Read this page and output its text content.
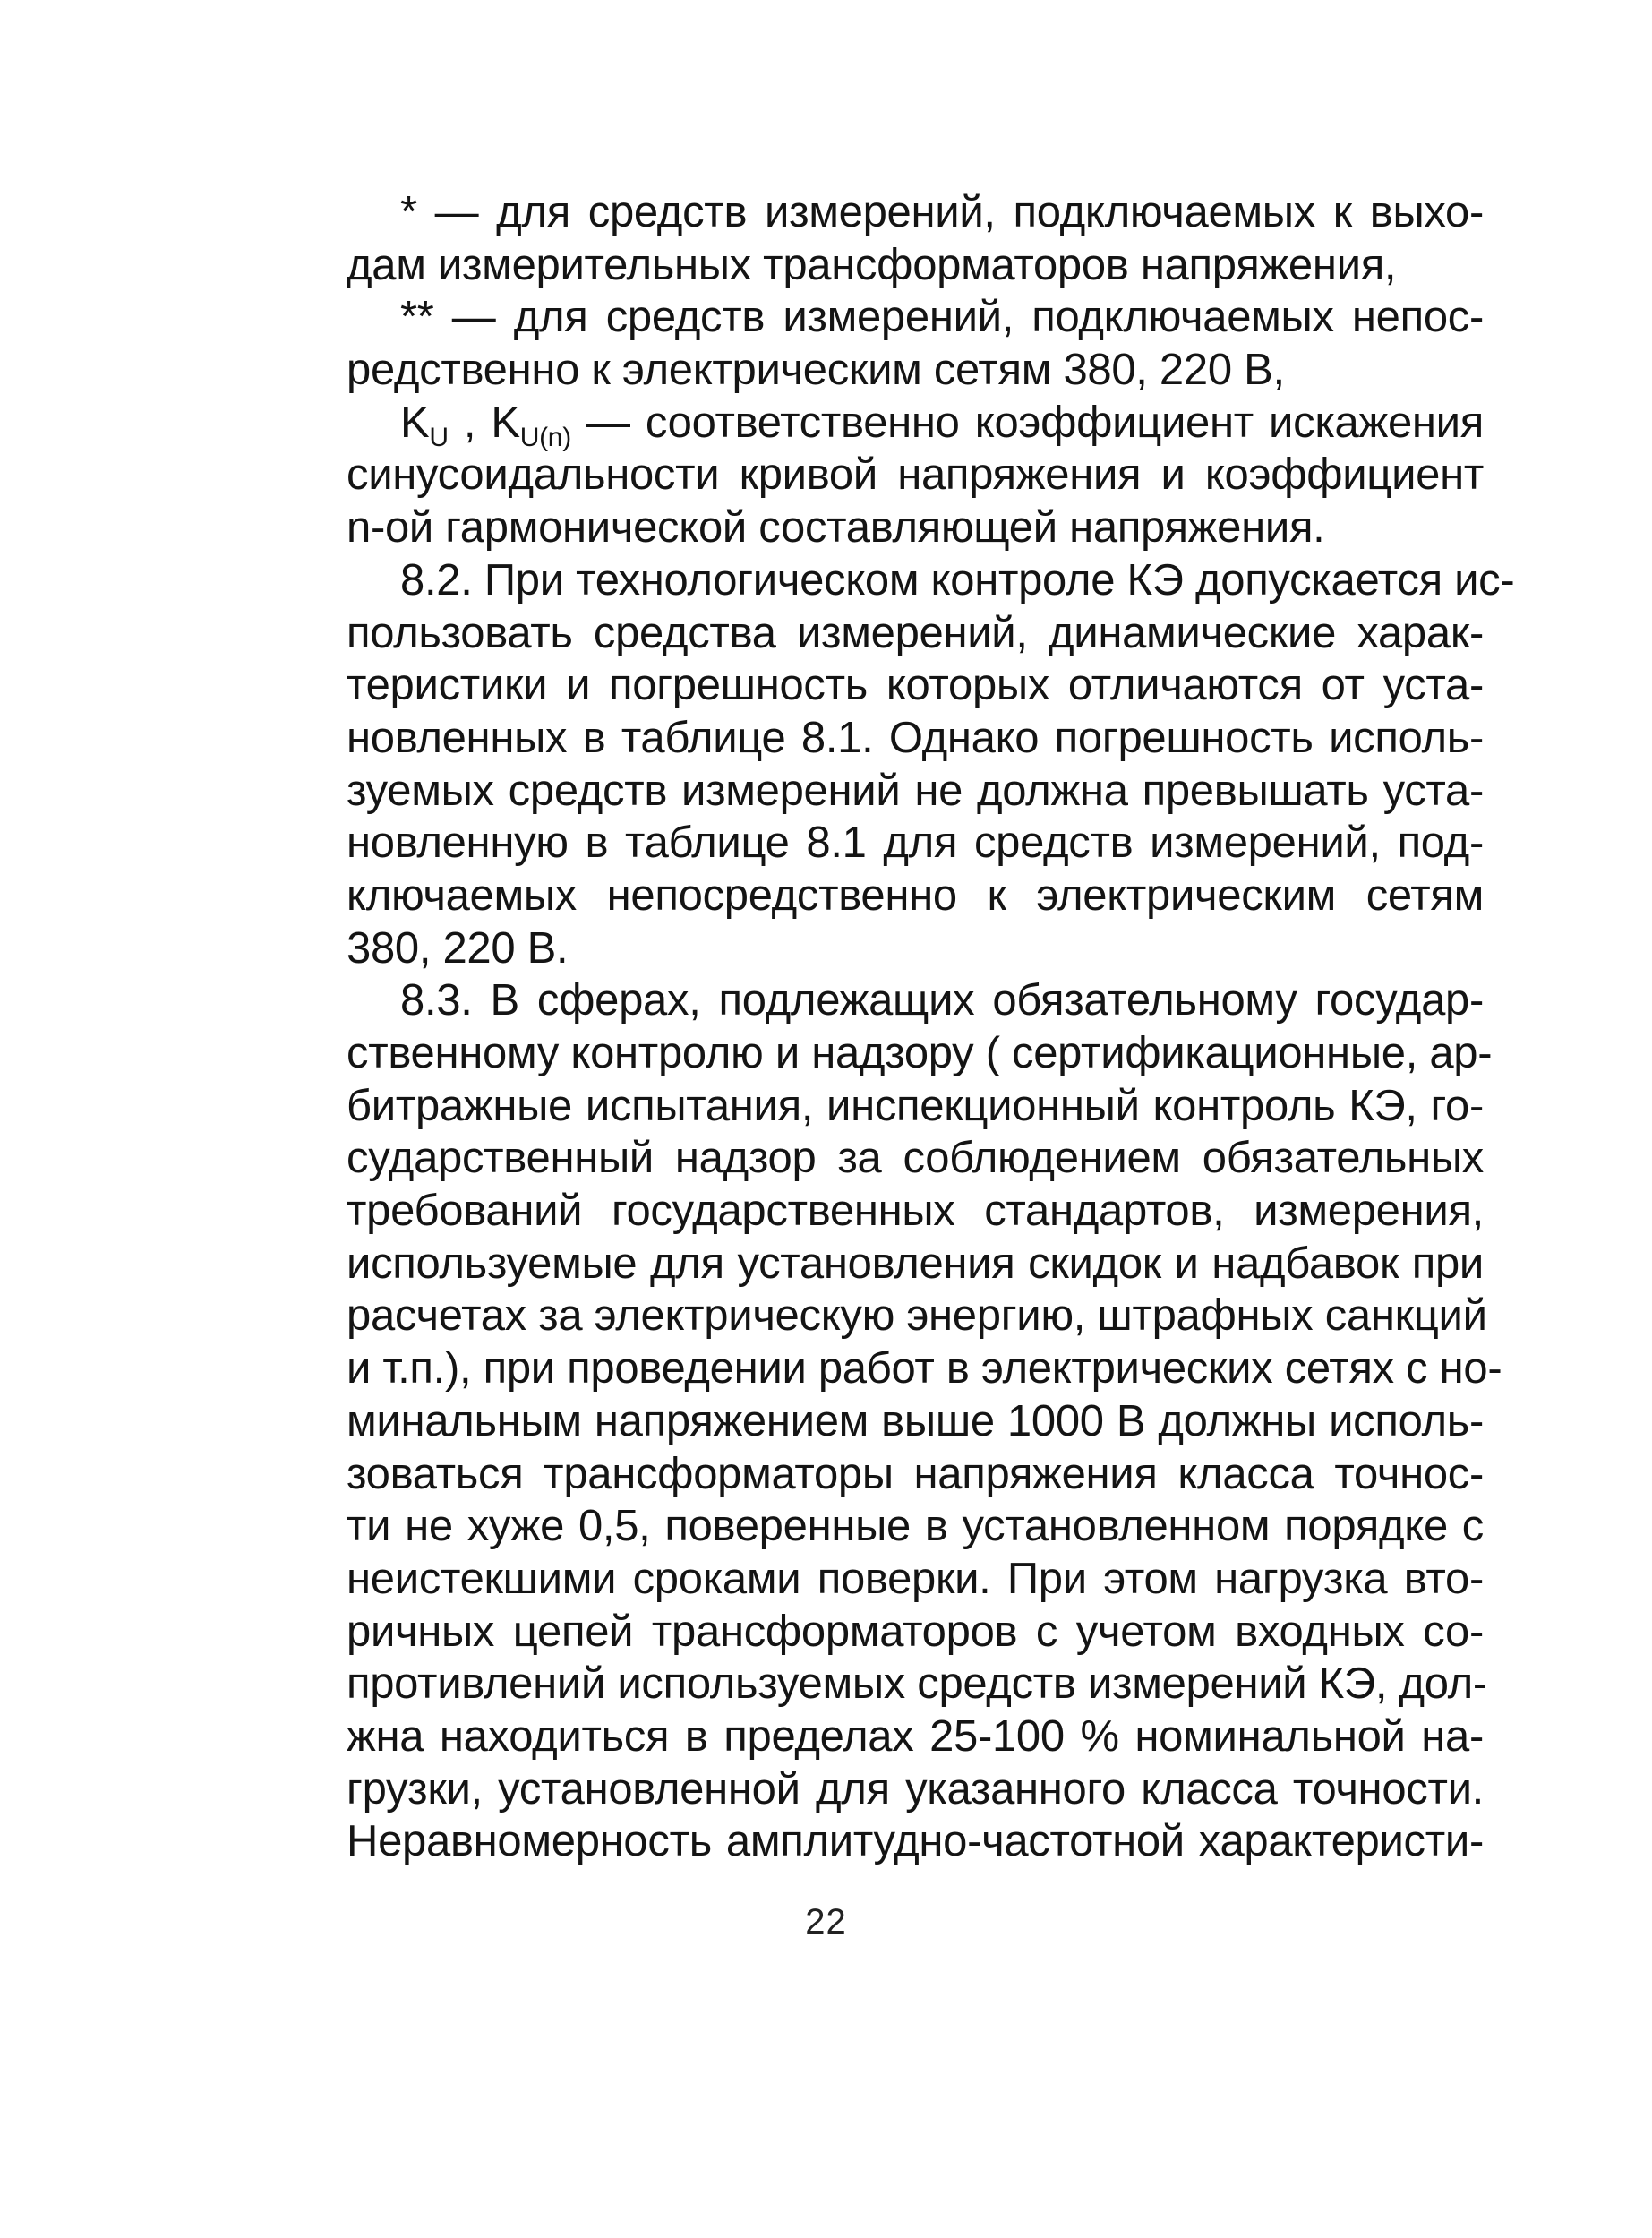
* — для средств измерений, подключаемых к выхо-
дам измерительных трансформаторов напряжения,
** — для средств измерений, подключаемых непос-
редственно к электрическим сетям 380, 220 В,
$K_U$ , $K_{U(n)}$ — соответственно коэффициент искажения
синусоидальности кривой напряжения и коэффициент
n-ой гармонической составляющей напряжения.
8.2. При технологическом контроле КЭ допускается ис-
пользовать средства измерений, динамические харак-
теристики и погрешность которых отличаются от уста-
новленных в таблице 8.1. Однако погрешность исполь-
зуемых средств измерений не должна превышать уста-
новленную в таблице 8.1 для средств измерений, под-
ключаемых непосредственно к электрическим сетям
380, 220 В.
8.3. В сферах, подлежащих обязательному государ-
ственному контролю и надзору ( сертификационные, ар-
битражные испытания, инспекционный контроль КЭ, го-
сударственный надзор за соблюдением обязательных
требований государственных стандартов, измерения,
используемые для установления скидок и надбавок при
расчетах за электрическую энергию, штрафных санкций
и т.п.), при проведении работ в электрических сетях с но-
минальным напряжением выше 1000 В должны исполь-
зоваться трансформаторы напряжения класса точнос-
ти не хуже 0,5, поверенные в установленном порядке с
неистекшими сроками поверки. При этом нагрузка вто-
ричных цепей трансформаторов с учетом входных со-
противлений используемых средств измерений КЭ, дол-
жна находиться в пределах 25-100 % номинальной на-
грузки, установленной для указанного класса точности.
Неравномерность амплитудно-частотной характеристи-
22
